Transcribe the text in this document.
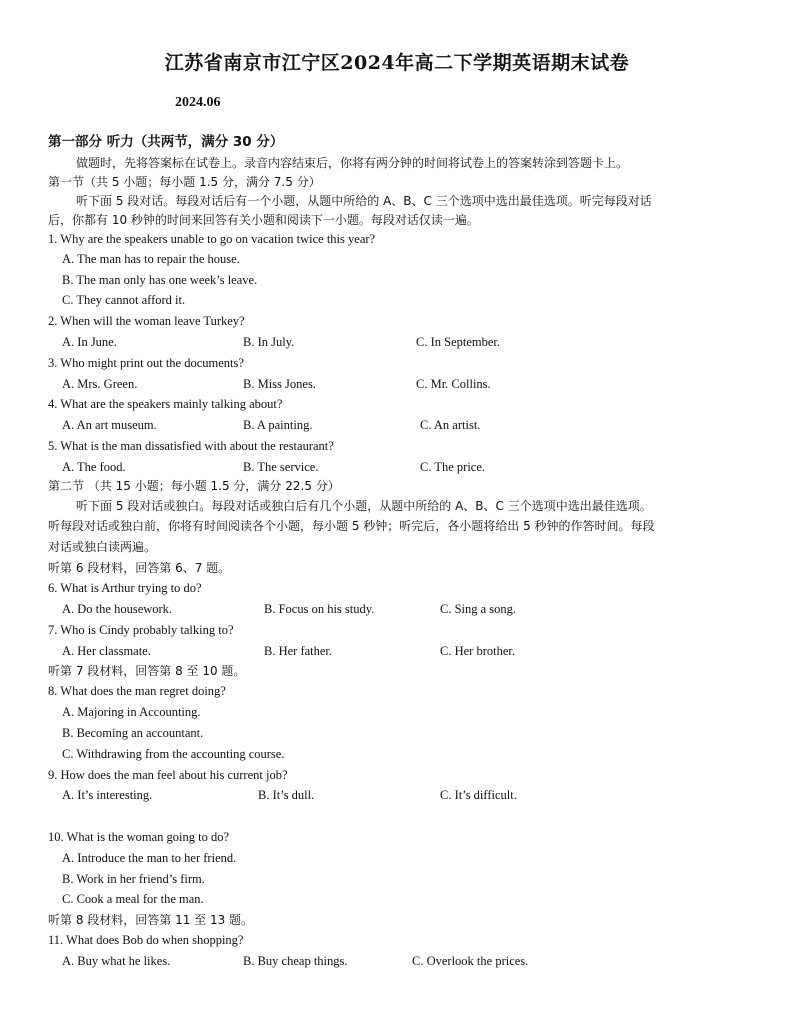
江苏省南京市江宁区2024年高二下学期英语期末试卷
2024.06
第一部分 听力（共两节，满分 30 分）
做题时，先将答案标在试卷上。录音内容结束后，你将有两分钟的时间将试卷上的答案转涂到答题卡上。
第一节（共 5 小题；每小题 1.5 分，满分 7.5 分）
听下面 5 段对话。每段对话后有一个小题，从题中所给的 A、B、C 三个选项中选出最佳选项。听完每段对话
后，你都有 10 秒钟的时间来回答有关小题和阅读下一小题。每段对话仅读一遍。
1. Why are the speakers unable to go on vacation twice this year?
A. The man has to repair the house.
B. The man only has one week’s leave.
C. They cannot afford it.
2. When will the woman leave Turkey?
A. In June.	B. In July.	C. In September.
3. Who might print out the documents?
A. Mrs. Green.	B. Miss Jones.	C. Mr. Collins.
4. What are the speakers mainly talking about?
A. An art museum.	B. A painting.	C. An artist.
5. What is the man dissatisfied with about the restaurant?
A. The food.	B. The service.	C. The price.
第二节 （共 15 小题；每小题 1.5 分，满分 22.5 分）
听下面 5 段对话或独白。每段对话或独白后有几个小题，从题中所给的 A、B、C 三个选项中选出最佳选项。
听每段对话或独白前，你将有时间阅读各个小题，每小题 5 秒钟；听完后，各小题将给出 5 秒钟的作答时间。每段
对话或独白读两遍。
听第 6 段材料，回答第 6、7 题。
6. What is Arthur trying to do?
A. Do the housework.	B. Focus on his study.	C. Sing a song.
7. Who is Cindy probably talking to?
A. Her classmate.	B. Her father.	C. Her brother.
听第 7 段材料，回答第 8 至 10 题。
8. What does the man regret doing?
A. Majoring in Accounting.
B. Becoming an accountant.
C. Withdrawing from the accounting course.
9. How does the man feel about his current job?
A. It’s interesting.	B. It’s dull.	C. It’s difficult.
10. What is the woman going to do?
A. Introduce the man to her friend.
B. Work in her friend’s firm.
C. Cook a meal for the man.
听第 8 段材料，回答第 11 至 13 题。
11. What does Bob do when shopping?
A. Buy what he likes.	B. Buy cheap things.	C. Overlook the prices.
